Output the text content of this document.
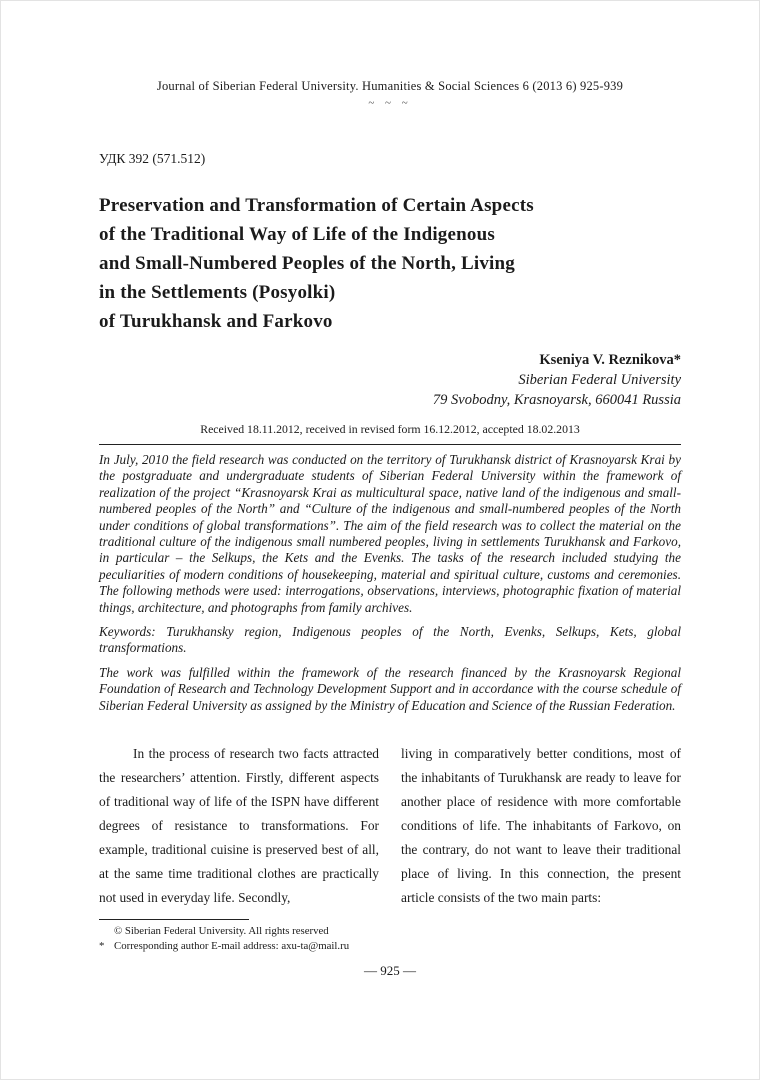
Journal of Siberian Federal University. Humanities & Social Sciences 6 (2013 6) 925-939
~ ~ ~
УДК 392 (571.512)
Preservation and Transformation of Certain Aspects
of the Traditional Way of Life of the Indigenous
and Small-Numbered Peoples of the North, Living
in the Settlements (Posyolki)
of Turukhansk and Farkovo
Kseniya V. Reznikova*
Siberian Federal University
79 Svobodny, Krasnoyarsk, 660041 Russia
Received 18.11.2012, received in revised form 16.12.2012, accepted 18.02.2013

In July, 2010 the field research was conducted on the territory of Turukhansk district of Krasnoyarsk Krai by the postgraduate and undergraduate students of Siberian Federal University within the framework of realization of the project “Krasnoyarsk Krai as multicultural space, native land of the indigenous and small-numbered peoples of the North” and “Culture of the indigenous and small-numbered peoples of the North under conditions of global transformations”. The aim of the field research was to collect the material on the traditional culture of the indigenous small numbered peoples, living in settlements Turukhansk and Farkovo, in particular – the Selkups, the Kets and the Evenks. The tasks of the research included studying the peculiarities of modern conditions of housekeeping, material and spiritual culture, customs and ceremonies. The following methods were used: interrogations, observations, interviews, photographic fixation of material things, architecture, and photographs from family archives.

Keywords: Turukhansky region, Indigenous peoples of the North, Evenks, Selkups, Kets, global transformations.

The work was fulfilled within the framework of the research financed by the Krasnoyarsk Regional Foundation of Research and Technology Development Support and in accordance with the course schedule of Siberian Federal University as assigned by the Ministry of Education and Science of the Russian Federation.

In the process of research two facts attracted the researchers’ attention. Firstly, different aspects of traditional way of life of the ISPN have different degrees of resistance to transformations. For example, traditional cuisine is preserved best of all, at the same time traditional clothes are practically not used in everyday life. Secondly,

living in comparatively better conditions, most of the inhabitants of Turukhansk are ready to leave for another place of residence with more comfortable conditions of life. The inhabitants of Farkovo, on the contrary, do not want to leave their traditional place of living. In this connection, the present article consists of the two main parts:

© Siberian Federal University. All rights reserved
* Corresponding author E-mail address: axu-ta@mail.ru
— 925 —
